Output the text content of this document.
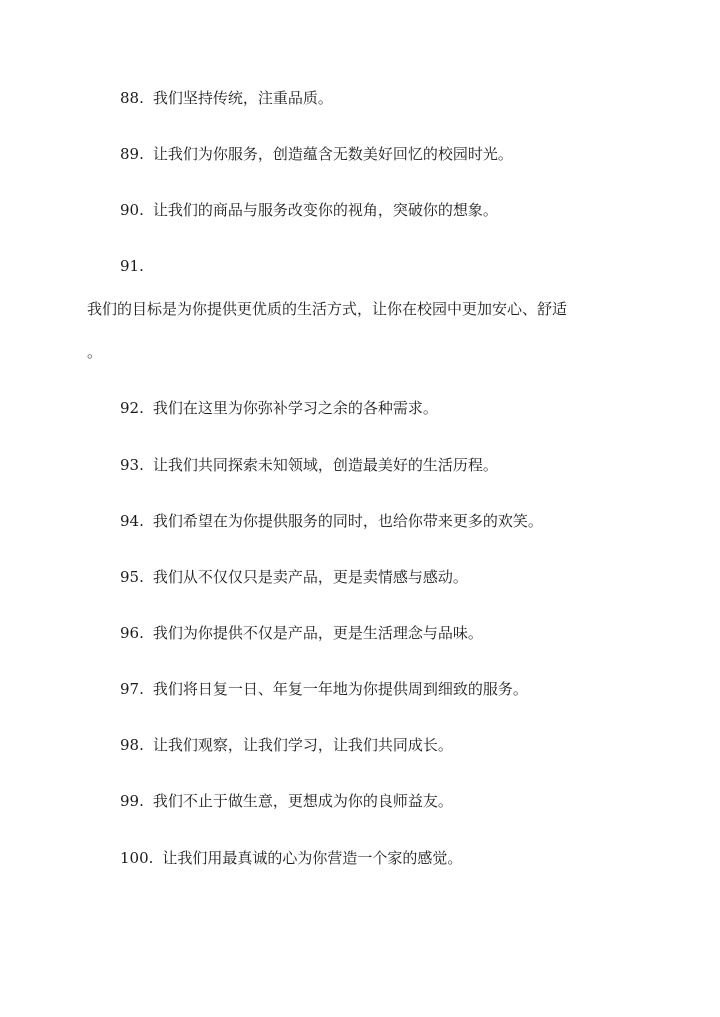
88. 我们坚持传统，注重品质。
89. 让我们为你服务，创造蕴含无数美好回忆的校园时光。
90. 让我们的商品与服务改变你的视角，突破你的想象。
91.
我们的目标是为你提供更优质的生活方式，让你在校园中更加安心、舒适
。
92. 我们在这里为你弥补学习之余的各种需求。
93. 让我们共同探索未知领域，创造最美好的生活历程。
94. 我们希望在为你提供服务的同时，也给你带来更多的欢笑。
95. 我们从不仅仅只是卖产品，更是卖情感与感动。
96. 我们为你提供不仅是产品，更是生活理念与品味。
97. 我们将日复一日、年复一年地为你提供周到细致的服务。
98. 让我们观察，让我们学习，让我们共同成长。
99. 我们不止于做生意，更想成为你的良师益友。
100. 让我们用最真诚的心为你营造一个家的感觉。
